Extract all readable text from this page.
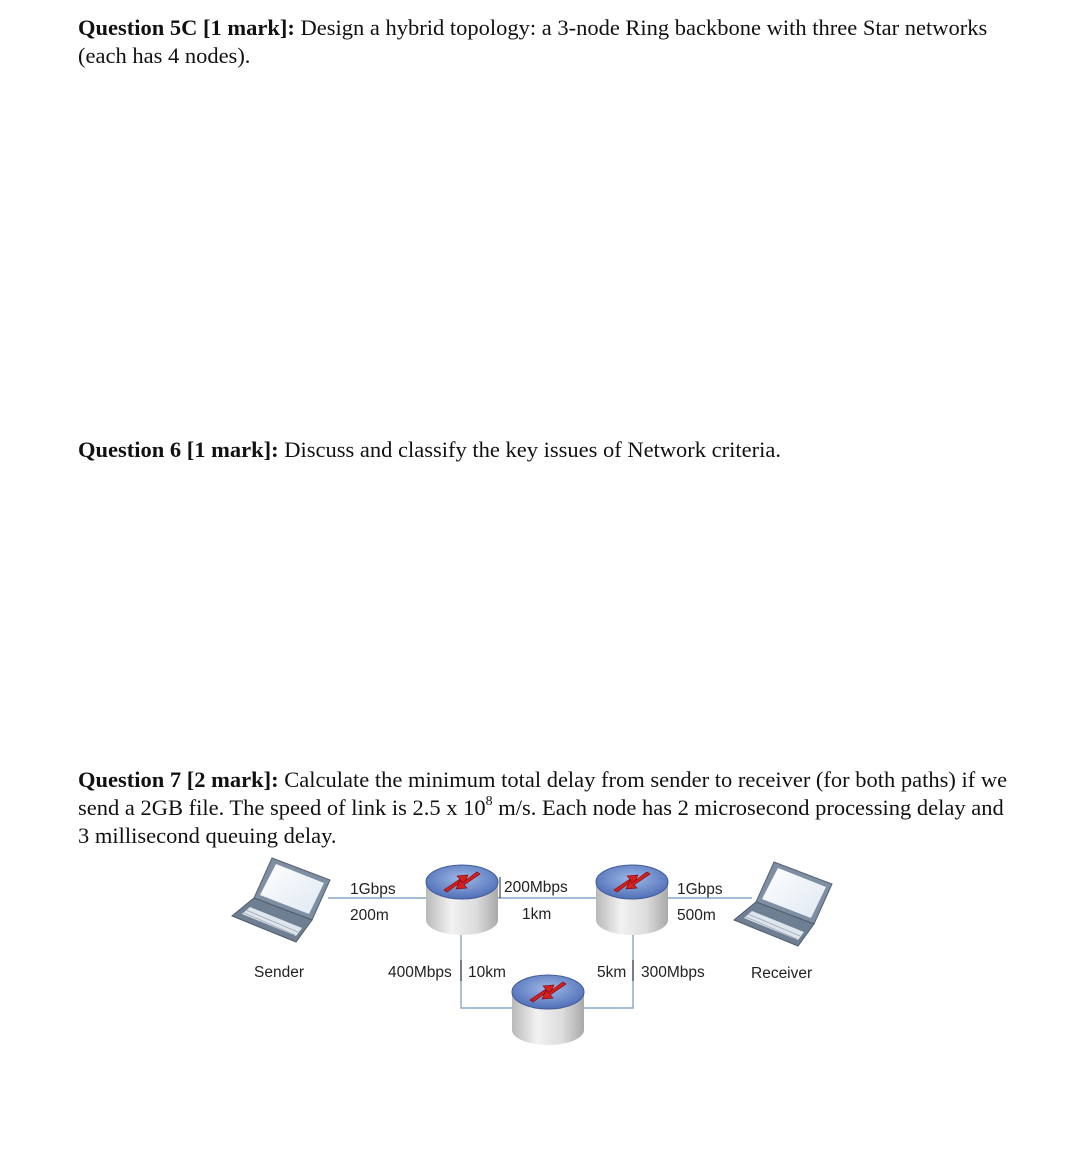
Question 5C [1 mark]: Design a hybrid topology: a 3-node Ring backbone with three Star networks (each has 4 nodes).
Question 6 [1 mark]: Discuss and classify the key issues of Network criteria.
Question 7 [2 mark]: Calculate the minimum total delay from sender to receiver (for both paths) if we send a 2GB file. The speed of link is 2.5 x $10^8$ m/s. Each node has 2 microsecond processing delay and 3 millisecond queuing delay.
1Gbps
200m
200Mbps
1km
1Gbps
500m
400Mbps 10km	5km 300Mbps
Sender	Receiver
